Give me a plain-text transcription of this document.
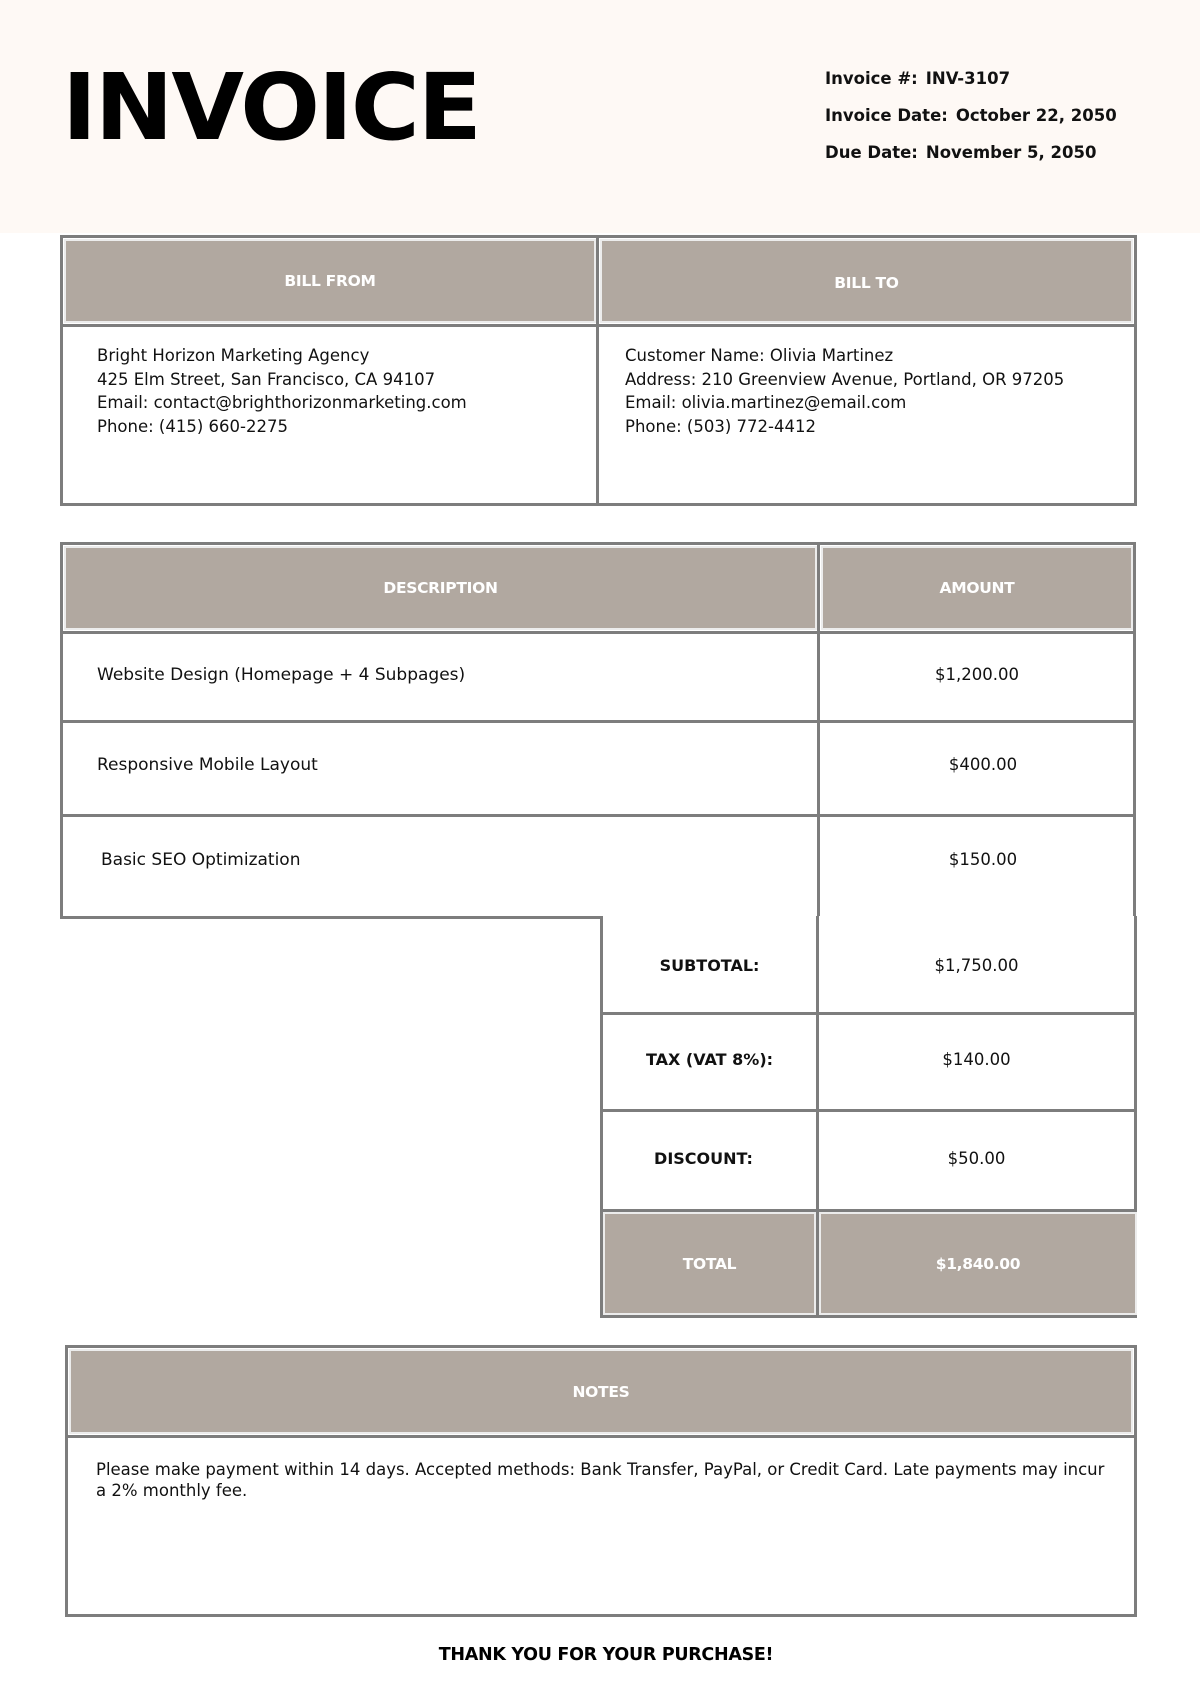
INVOICE	Invoice #: INV-3107
Invoice Date: October 22, 2050
Due Date: November 5, 2050
BILL FROM	BILL TO
Bright Horizon Marketing Agency
425 Elm Street, San Francisco, CA 94107
Email: contact@brighthorizonmarketing.com
Phone: (415) 660-2275
Customer Name: Olivia Martinez
Address: 210 Greenview Avenue, Portland, OR 97205
Email: olivia.martinez@email.com
Phone: (503) 772-4412
DESCRIPTION	AMOUNT
Website Design (Homepage + 4 Subpages)	$1,200.00
Responsive Mobile Layout	$400.00
Basic SEO Optimization	$150.00
SUBTOTAL:	$1,750.00
TAX (VAT 8%):	$140.00
DISCOUNT:	$50.00
TOTAL	$1,840.00
NOTES
Please make payment within 14 days. Accepted methods: Bank Transfer, PayPal, or Credit Card. Late payments may incur a 2% monthly fee.
THANK YOU FOR YOUR PURCHASE!
